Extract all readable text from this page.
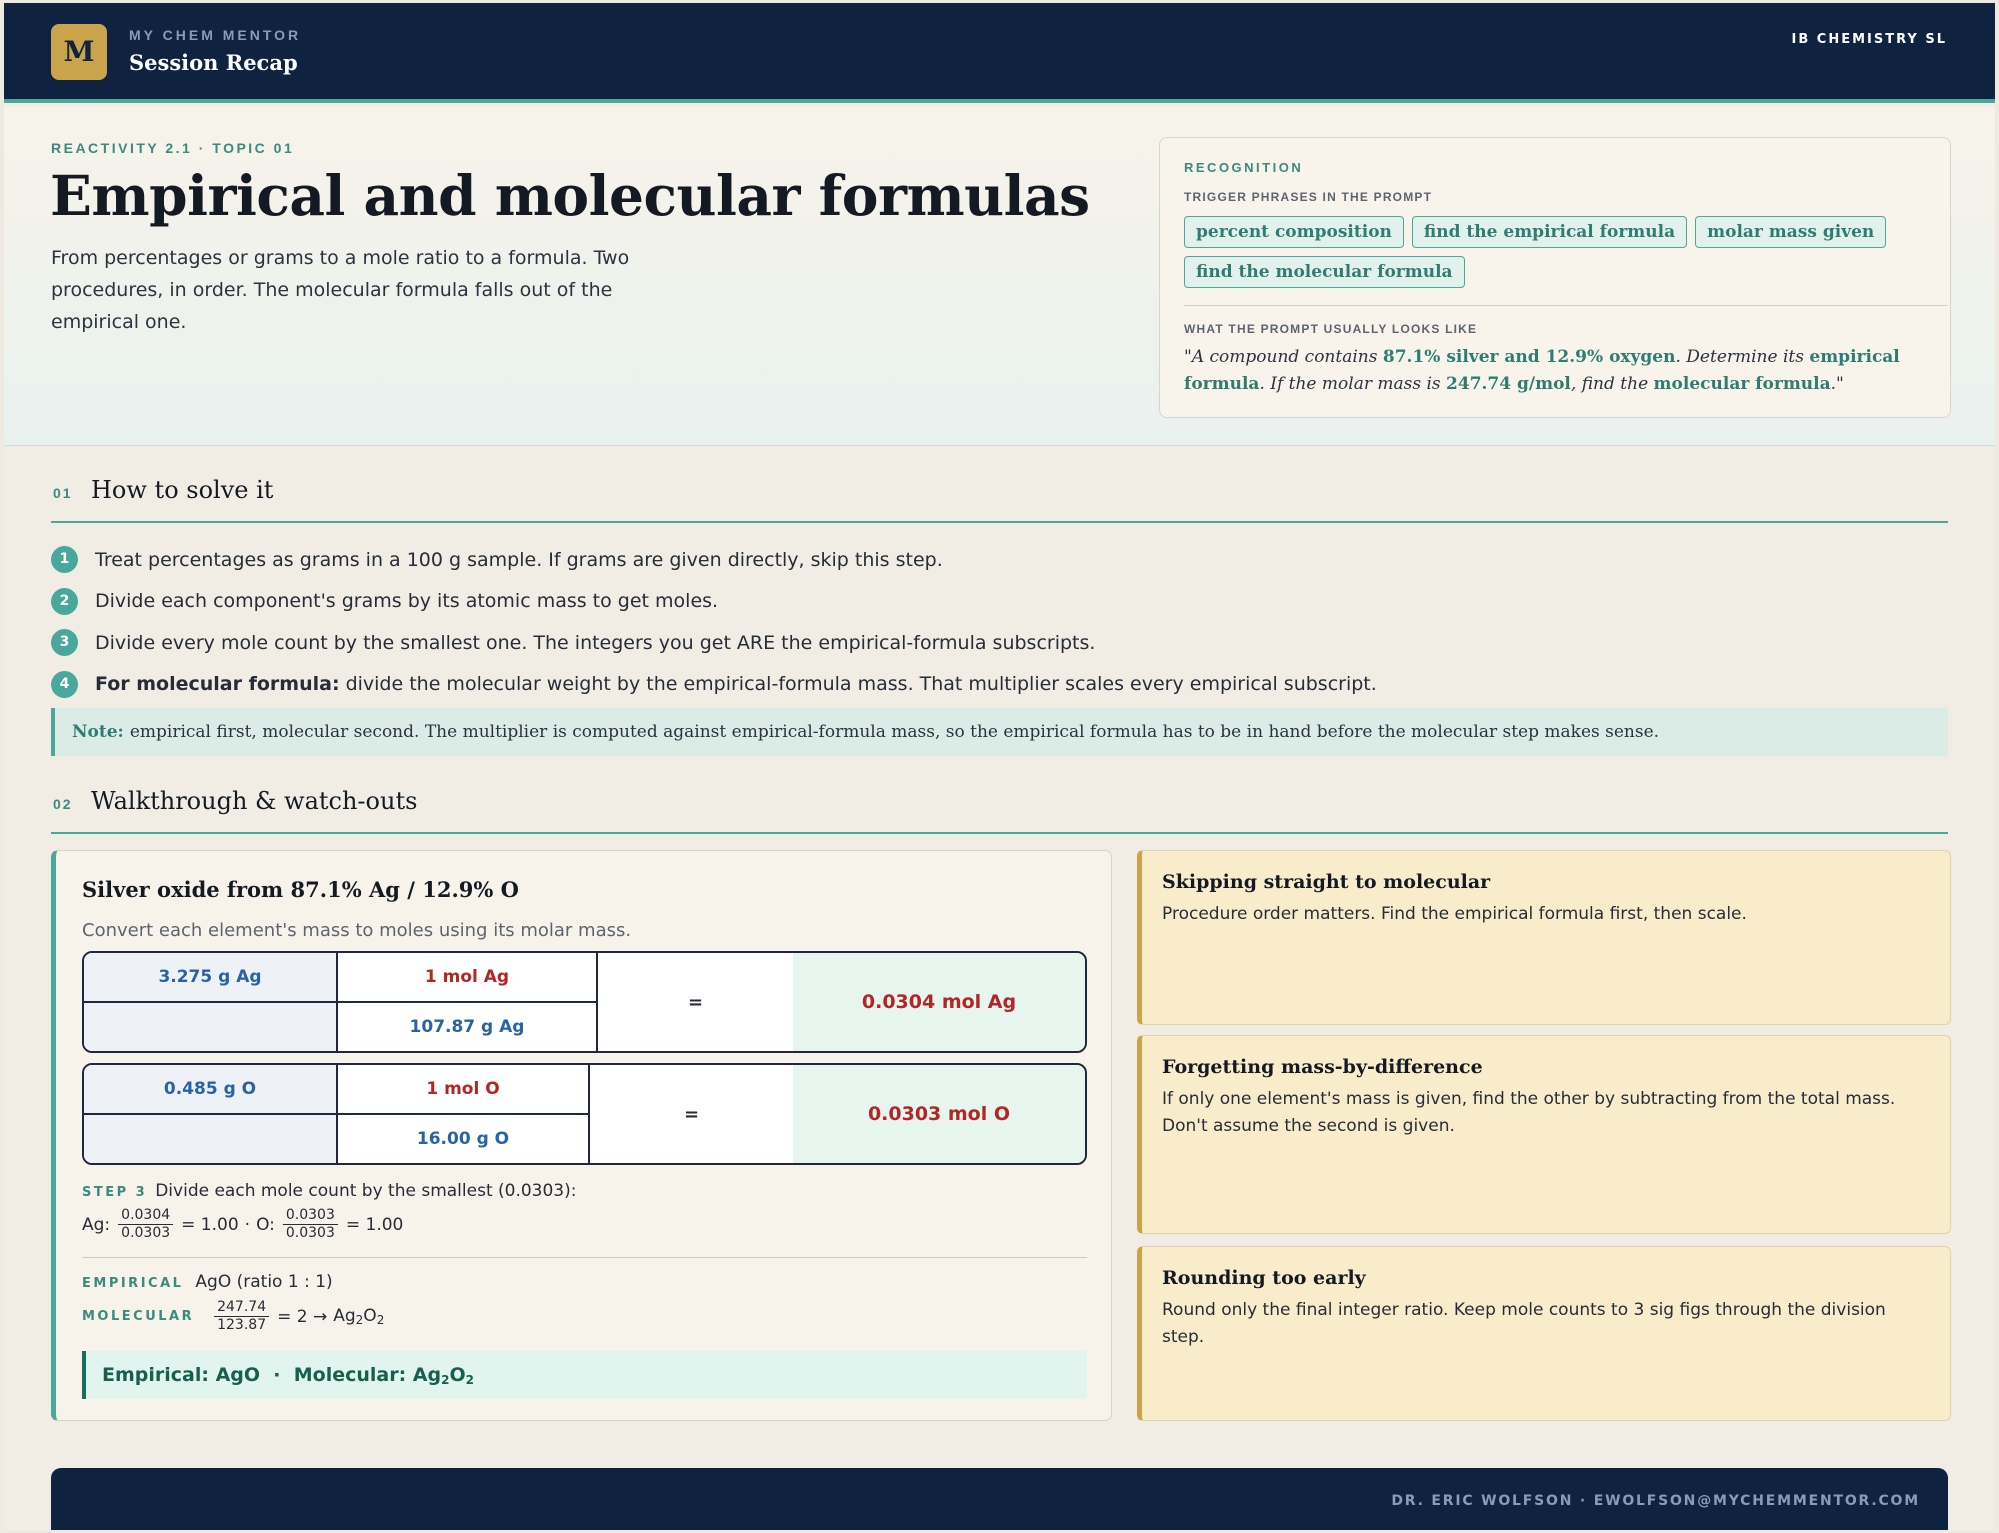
M	MY CHEM MENTOR
Session Recap
IB CHEMISTRY SL
REACTIVITY 2.1 · TOPIC 01
Empirical and molecular formulas
From percentages or grams to a mole ratio to a formula. Two procedures, in order. The molecular formula falls out of the empirical one.
RECOGNITION
TRIGGER PHRASES IN THE PROMPT
percent composition	find the empirical formula	molar mass given
find the molecular formula
WHAT THE PROMPT USUALLY LOOKS LIKE
"A compound contains 87.1% silver and 12.9% oxygen. Determine its empirical formula. If the molar mass is 247.74 g/mol, find the molecular formula."
01 How to solve it
1	Treat percentages as grams in a 100 g sample. If grams are given directly, skip this step.
2	Divide each component's grams by its atomic mass to get moles.
3	Divide every mole count by the smallest one. The integers you get ARE the empirical-formula subscripts.
4	For molecular formula: divide the molecular weight by the empirical-formula mass. That multiplier scales every empirical subscript.
Note: empirical first, molecular second. The multiplier is computed against empirical-formula mass, so the empirical formula has to be in hand before the molecular step makes sense.
02 Walkthrough & watch-outs
Silver oxide from 87.1% Ag / 12.9% O
Convert each element's mass to moles using its molar mass.
3.275 g Ag	1 mol Ag
107.87 g Ag
=	0.0304 mol Ag
0.485 g O	1 mol O
16.00 g O
=	0.0303 mol O
STEP 3 Divide each mole count by the smallest (0.0303):
Ag: $\frac{0.0304}{0.0303} = 1.00 \cdot O$: $\frac{0.0303}{0.0303} = 1.00$
EMPIRICAL AgO (ratio 1 : 1)
MOLECULAR $\frac{247.74}{123.87} = 2 \to Ag_2O_2$
Empirical: AgO · Molecular: $Ag_2O_2$
Skipping straight to molecular
Procedure order matters. Find the empirical formula first, then scale.
Forgetting mass-by-difference
If only one element's mass is given, find the other by subtracting from the total mass. Don't assume the second is given.
Rounding too early
Round only the final integer ratio. Keep mole counts to 3 sig figs through the division step.
DR. ERIC WOLFSON · EWOLFSON@MYCHEMMENTOR.COM
